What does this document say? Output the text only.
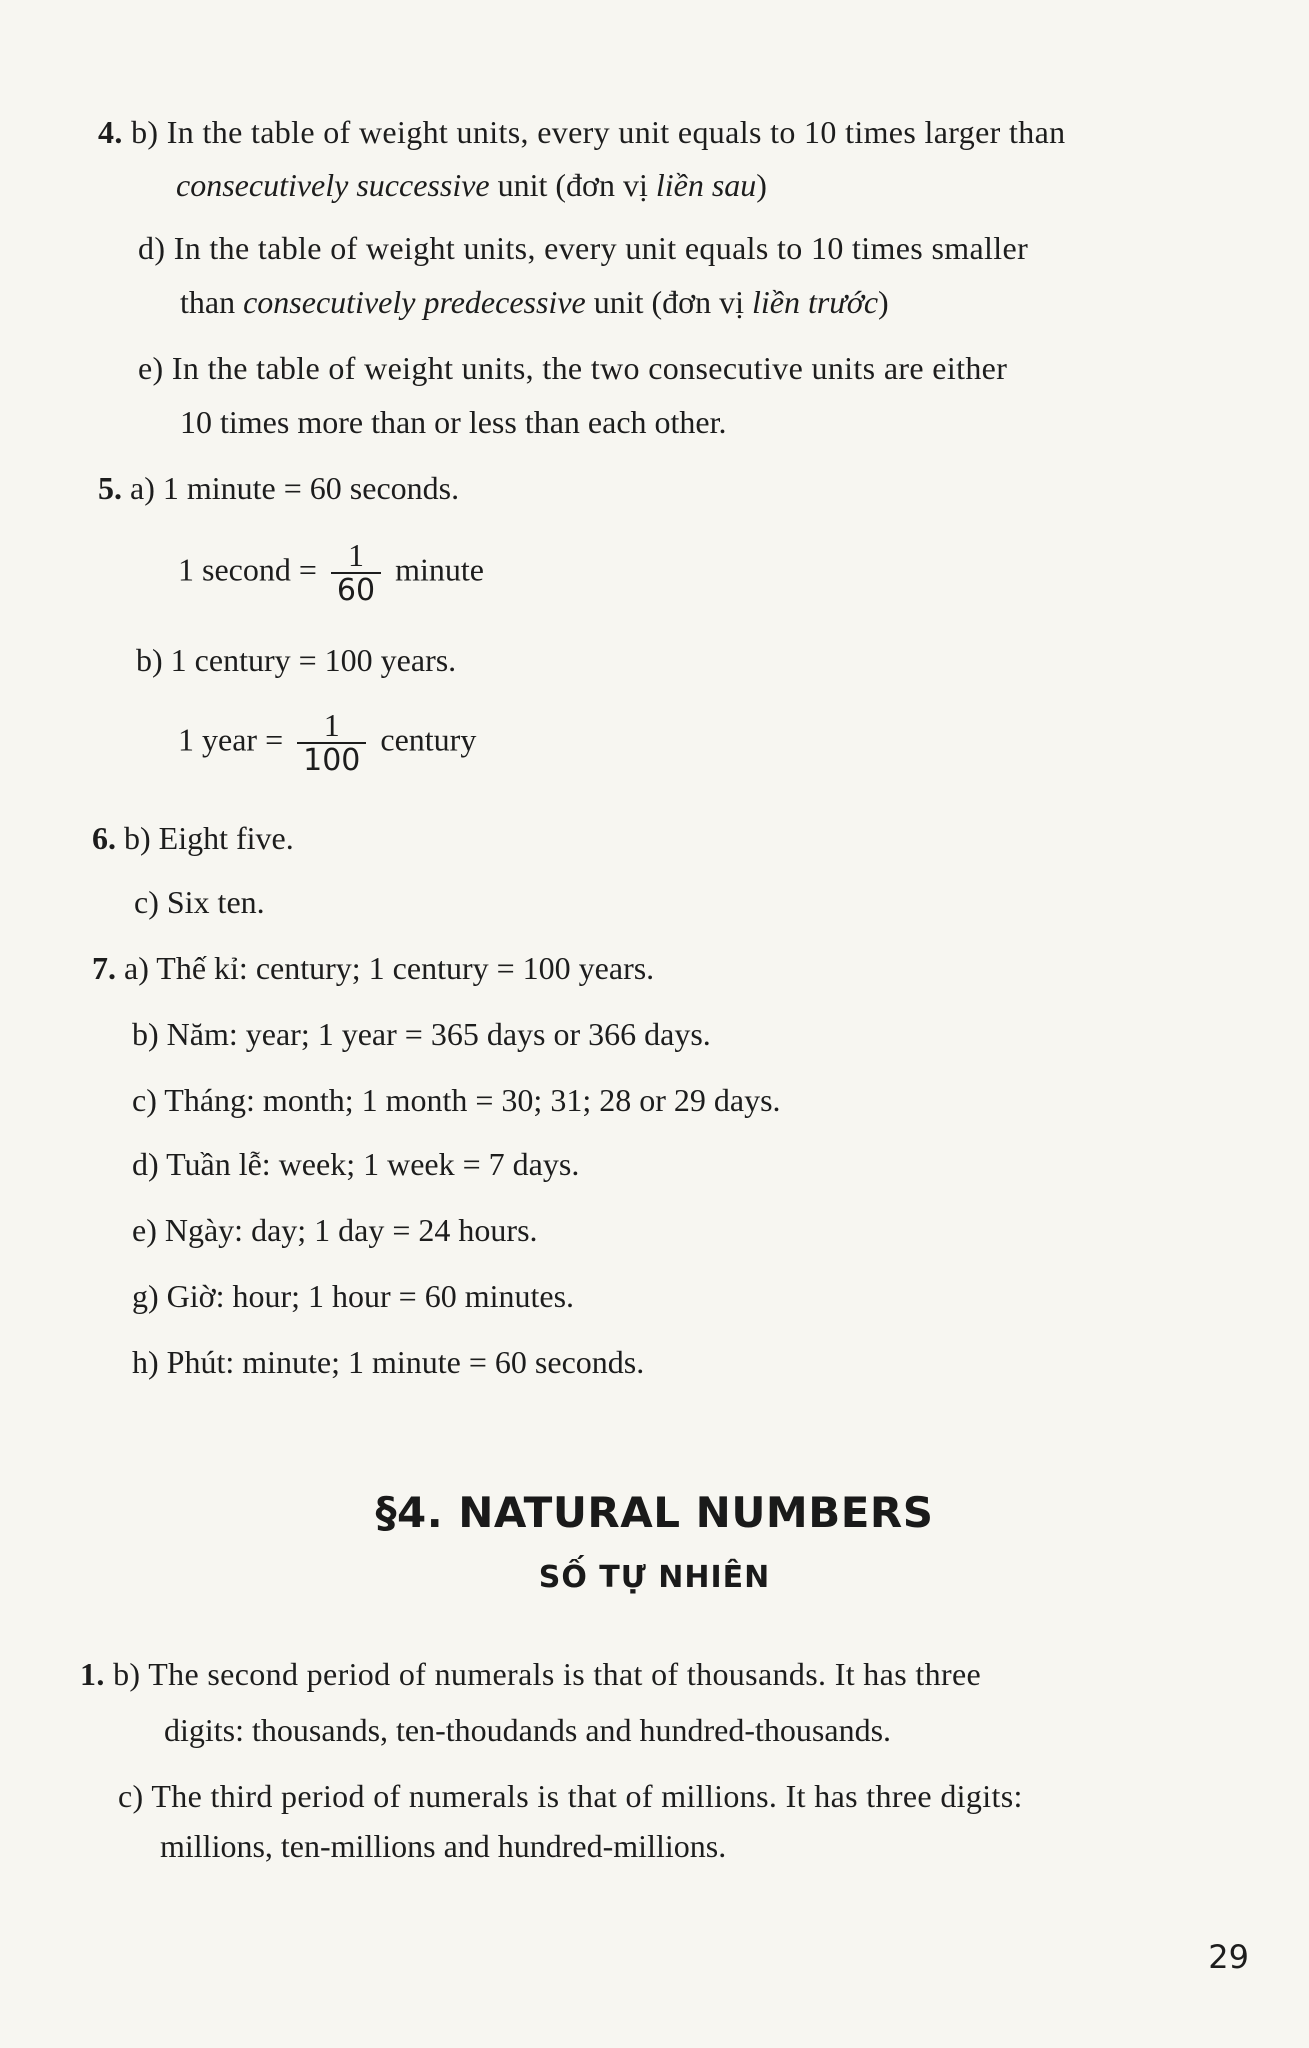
4. b) In the table of weight units, every unit equals to 10 times larger than

consecutively successive unit (đơn vị liền sau)

d) In the table of weight units, every unit equals to 10 times smaller

than consecutively predecessive unit (đơn vị liền trước)

e) In the table of weight units, the two consecutive units are either

10 times more than or less than each other.

5. a) 1 minute = 60 seconds.

1 second = $\frac{1}{60}$ minute

b) 1 century = 100 years.

1 year = $\frac{1}{100}$ century

6. b) Eight five.

c) Six ten.

7. a) Thế kỉ: century; 1 century = 100 years.

b) Năm: year; 1 year = 365 days or 366 days.

c) Tháng: month; 1 month = 30; 31; 28 or 29 days.

d) Tuần lễ: week; 1 week = 7 days.

e) Ngày: day; 1 day = 24 hours.

g) Giờ: hour; 1 hour = 60 minutes.

h) Phút: minute; 1 minute = 60 seconds.

§4. NATURAL NUMBERS
SỐ TỰ NHIÊN

1. b) The second period of numerals is that of thousands. It has three

digits: thousands, ten-thoudands and hundred-thousands.

c) The third period of numerals is that of millions. It has three digits:

millions, ten-millions and hundred-millions.

29
